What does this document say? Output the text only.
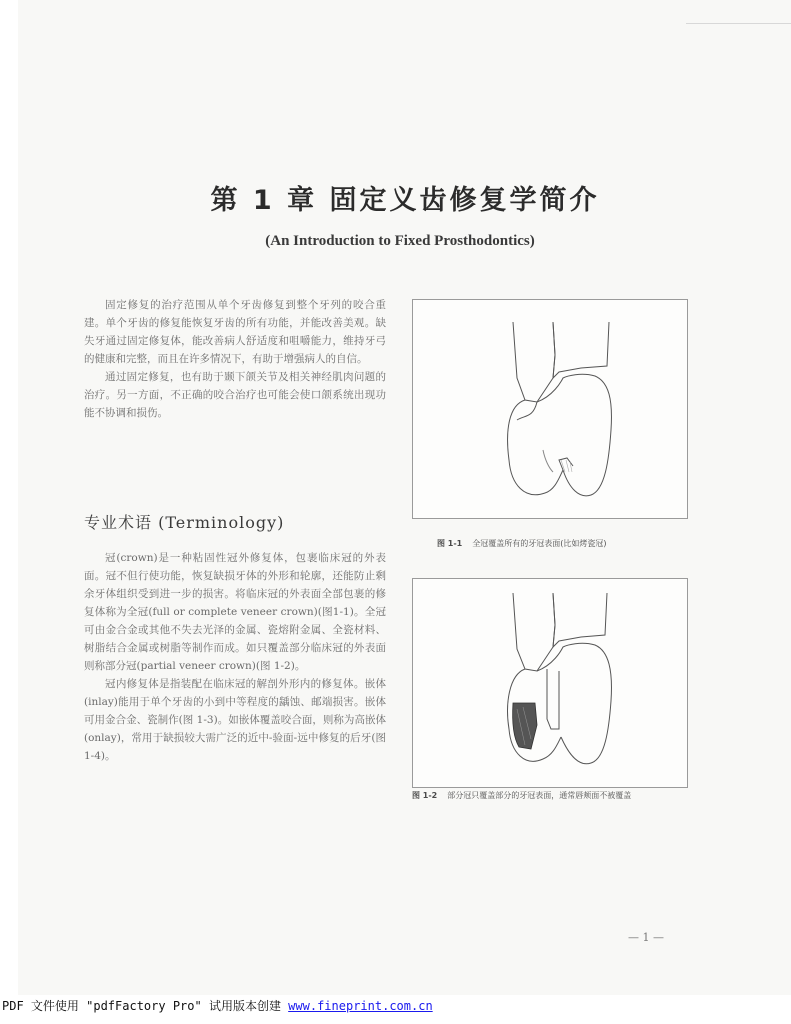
第 1 章 固定义齿修复学简介
(An Introduction to Fixed Prosthodontics)

固定修复的治疗范围从单个牙齿修复到整个牙列的咬合重建。单个牙齿的修复能恢复牙齿的所有功能，并能改善美观。缺失牙通过固定修复体，能改善病人舒适度和咀嚼能力，维持牙弓的健康和完整，而且在许多情况下，有助于增强病人的自信。

通过固定修复，也有助于颞下颌关节及相关神经肌肉问题的治疗。另一方面，不正确的咬合治疗也可能会使口颌系统出现功能不协调和损伤。

专业术语 (Terminology)

冠(crown)是一种粘固性冠外修复体，包裹临床冠的外表面。冠不但行使功能，恢复缺损牙体的外形和轮廓，还能防止剩余牙体组织受到进一步的损害。将临床冠的外表面全部包裹的修复体称为全冠(full or complete veneer crown)(图1-1)。全冠可由金合金或其他不失去光泽的金属、瓷熔附金属、全瓷材料、树脂结合金属或树脂等制作而成。如只覆盖部分临床冠的外表面则称部分冠(partial veneer crown)(图 1-2)。

冠内修复体是指装配在临床冠的解剖外形内的修复体。嵌体(inlay)能用于单个牙齿的小到中等程度的龋蚀、邮端损害。嵌体可用金合金、瓷制作(图 1-3)。如嵌体覆盖咬合面，则称为高嵌体(onlay)，常用于缺损较大需广泛的近中-验面-远中修复的后牙(图 1-4)。

图 1-1 全冠覆盖所有的牙冠表面(比如烤瓷冠)
图 1-2 部分冠只覆盖部分的牙冠表面，通常唇颊面不被覆盖
— 1 —
PDF 文件使用 "pdfFactory Pro" 试用版本创建 www.fineprint.com.cn
